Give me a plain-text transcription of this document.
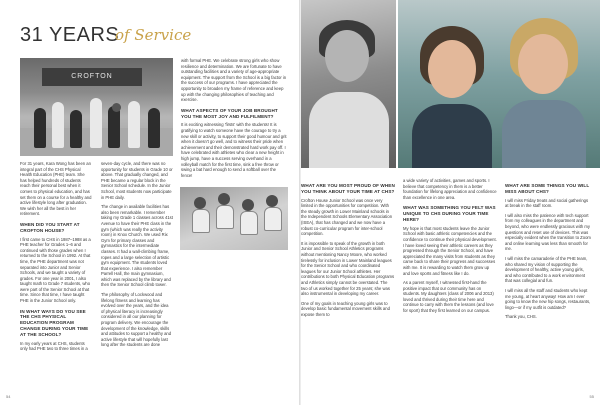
31 YEARS
of Service
CROFTON

For 31 years, Kara Wong has been an integral part of the CHS Physical Health Education (PHE) team. She has helped hundreds of students reach their personal best when it comes to physical education, and has set them on a course for a healthy and active lifestyle long after graduation. We wish her all the best in her retirement.

WHEN DID YOU START AT CROFTON HOUSE?

I first came to CHS in 1987–1988 as a PHE teacher for Grades 1–6 and continued with those grades when I returned to the School in 1992. At that time, the PHE department was not separated into Junior and Senior Schools, and we taught a variety of grades. For one year in 2001, I also taught math to Grade 7 students, who were part of the Senior School at that time. Since that time, I have taught PHE in the Junior School only.

IN WHAT WAYS DO YOU SEE THE CHS PHYSICAL EDUCATION PROGRAM CHANGE DURING YOUR TIME AT THE SCHOOL?

In my early years at CHS, students only had PHE two to three times in a

seven-day cycle, and there was no opportunity for students in Grade 10 or above. That gradually changed, and PHE became a regular block in the Senior School schedule. In the Junior School, most students now participate in PHE daily.

The change in available facilities has also been remarkable. I remember taking my Grade 1 classes across 41st Avenue to have their PHE class in the gym (which was really the activity room) in Knox Church. We used Rix Gym for primary classes and gymnastics for the intermediate classes. It had a wall-climbing frame, ropes and a large selection of artistic gym equipment. The students loved that experience. I also remember Parrell Hall, the main gymnasium, which was replaced by the library and then the Senior School climb tower.

The philosophy of Lockwood and lifelong fitness and learning has evolved over the years, and the idea of physical literacy is increasingly considered in all our planning for program delivery. We encourage the development of the knowledge, skills and attitudes to support a healthy and active lifestyle that will hopefully last long after the students are done

with formal PHE. We celebrate strong girls who show resilience and determination. We are fortunate to have outstanding facilities and a variety of age-appropriate equipment. The support from the School is a big factor in the success of our programs. I have appreciated the opportunity to broaden my frame of reference and keep up with the changing philosophies of teaching and exercise.

WHAT ASPECTS OF YOUR JOB BROUGHT YOU THE MOST JOY AND FULFILMENT?

It is exciting witnessing 'firsts' with the students! It is gratifying to watch someone have the courage to try a new skill or activity, to support their good humour and grit when it doesn't go well, and to witness their pride when achievement and their demonstrated hard work pay off. I have celebrated with athletes who clear a new height in high jump, have a success serving overhand in a volleyball match for the first time, sink a free throw or swing a bat hard enough to send a softball over the fence!

54

WHAT ARE YOU MOST PROUD OF WHEN YOU THINK ABOUT YOUR TIME AT CHS?

Crofton House Junior School was once very limited in the opportunities for competition. With the steady growth in Lower Mainland schools in the Independent Schools Elementary Association (ISEA), that has changed and we now have a robust co-curricular program for inter-school competition.

It is impossible to speak of the growth in both Junior and Senior School Athletics programs without mentioning Nancy Moore, who worked tirelessly for inclusion in Lower Mainland leagues for the Senior School and who coordinated leagues for our Junior School athletes. Her contributions to both Physical Education programs and Athletics simply cannot be overstated. The two of us worked together for 25 years; she was also instrumental in developing my career.

One of my goals in teaching young girls was to develop basic fundamental movement skills and expose them to

a wide variety of activities, games and sports. I believe that competency in them is a better foundation for lifelong appreciation and confidence than excellence in one area.

WHAT WAS SOMETHING YOU FELT WAS UNIQUE TO CHS DURING YOUR TIME HERE?

My hope is that most students leave the Junior School with basic athletic competencies and the confidence to continue their physical development. I have loved seeing their athletic careers as they progressed through the Senior School, and have appreciated the many visits from students as they came back to share their progress and successes with me. It is rewarding to watch them grow up and love sports and fitness like I do.

As a parent myself, I witnessed first-hand the positive impact that our community has on students. My daughters (class of 2006 and 2013) loved and thrived during their time here and continue to carry with them the lessons (and love for sport) that they first learned on our campus.

WHAT ARE SOME THINGS YOU WILL MISS ABOUT CHS?

I will miss Friday treats and social gatherings at break in the staff room.

I will also miss the patience with tech support from my colleagues in the department and beyond, who were endlessly gracious with my questions and reset use of devices. This was especially evident when the transition to Zoom and online learning was less than smooth for me.

I will miss the camaraderie of the PHE team, who shared my vision of supporting the development of healthy, active young girls, and who contributed to a work environment that was collegial and fun.

I will miss all the staff and students who kept me young, at heart anyway! How am I ever going to know the new hip songs, restaurants, lingo—or if my outfit is outdated?

Thank you, CHS.

55
